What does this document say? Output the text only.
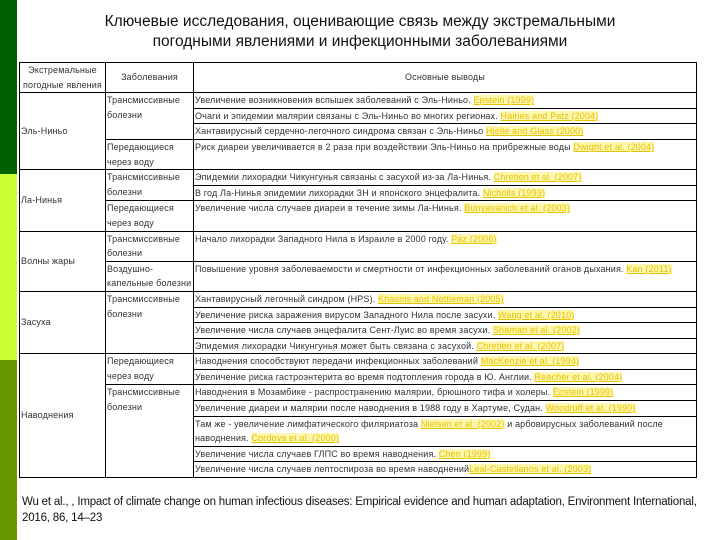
Ключевые исследования, оценивающие связь между экстремальными
погодными явлениями и инфекционными заболеваниями
Экстремальные погодные явления	Заболевания	Основные выводы
Эль-Ниньо	Трансмиссивные болезни	Увеличение возникновения вспышек заболеваний с Эль-Ниньо. Epstein (1999)
		Очаги и эпидемии малярии связаны с Эль-Ниньо во многих регионах. Haines and Patz (2004)
		Хантавирусный сердечно-легочного синдрома связан с Эль-Ниньо Hjelle and Glass (2000)
	Передающиеся через воду	Риск диареи увеличивается в 2 раза при воздействии Эль-Ниньо на прибрежные воды Dwight et al. (2004)
Ла-Нинья	Трансмиссивные болезни	Эпидемии лихорадки Чикунгунья связаны с засухой из-за Ла-Нинья. Chretien et al. (2007)
		В год Ла-Нинья эпидемии лихорадки ЗН и японского энцефалита. Nicholls (1993)
	Передающиеся через воду	Увеличение числа случаев диареи в течение зимы Ла-Нинья. Bunyavanich et al. (2003)
Волны жары	Трансмиссивные болезни	Начало лихорадки Западного Нила в Израиле в 2000 году. Paz (2006)
	Воздушно-капельные болезни	Повышение уровня заболеваемости и смертности от инфекционных заболеваний оганов дыхания. Kan (2011)
Засуха	Трансмиссивные болезни	Хантавирусный легочный синдром (HPS). Khasnis and Nettleman (2005)
		Увеличение риска заражения вирусом Западного Нила после засухи. Wang et al. (2010)
		Увеличение числа случаев энцефалита Сент-Луис во время засухи. Shaman et al. (2002)
		Эпидемия лихорадки Чикунгунья может быть связана с засухой. Chretien et al. (2007)
Наводнения	Передающиеся через воду	Наводнения способствуют передачи инфекционных заболеваний MacKenzie et al. (1994)
		Увеличение риска гастроэнтерита во время подтопления города в Ю. Англии. Reacher et al. (2004)
	Трансмиссивные болезни	Наводнения в Мозамбике - распространению малярии, брюшного тифа и холеры. Epstein (1999)
		Увеличение диареи и малярии после наводнения в 1988 году в Хартуме, Судан. Woodruff et al. (1990)
		Там же - увеличение лимфатического филяриатоза Nielsen et al. (2002) и арбовирусных заболеваний после наводнения. Cordova et al. (2000)
		Увеличение числа случаев ГЛПС во время наводнения. Chen (1999)
		Увеличение числа случаев лептоспироза во время наводненийLeal-Castellanos et al. (2003)
Wu et al., , Impact of climate change on human infectious diseases: Empirical evidence and human adaptation, Environment International, 2016, 86, 14–23
